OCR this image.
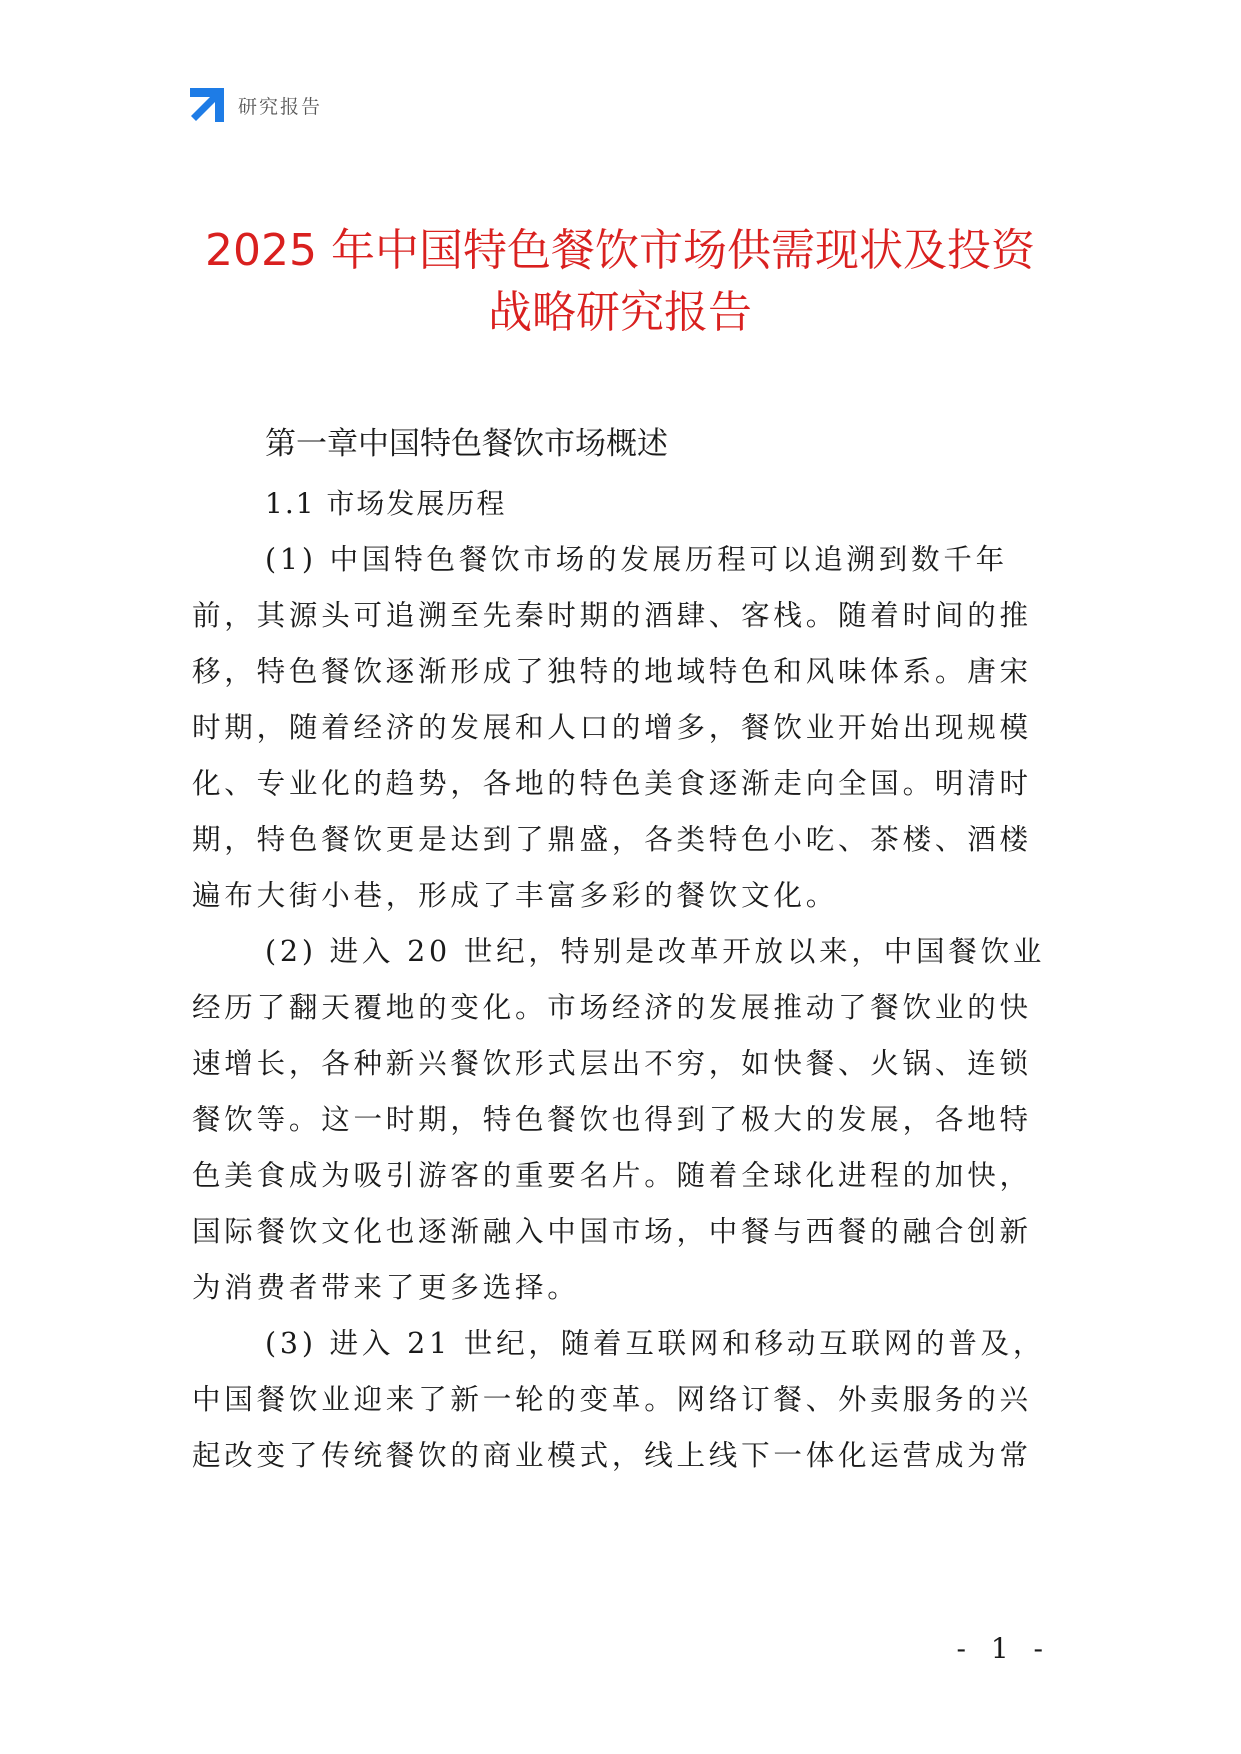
研究报告
2025 年中国特色餐饮市场供需现状及投资
战略研究报告
第一章中国特色餐饮市场概述
1.1 市场发展历程
(1) 中国特色餐饮市场的发展历程可以追溯到数千年
前，其源头可追溯至先秦时期的酒肆、客栈。随着时间的推
移，特色餐饮逐渐形成了独特的地域特色和风味体系。唐宋
时期，随着经济的发展和人口的增多，餐饮业开始出现规模
化、专业化的趋势，各地的特色美食逐渐走向全国。明清时
期，特色餐饮更是达到了鼎盛，各类特色小吃、茶楼、酒楼
遍布大街小巷，形成了丰富多彩的餐饮文化。
(2) 进入 20 世纪，特别是改革开放以来，中国餐饮业
经历了翻天覆地的变化。市场经济的发展推动了餐饮业的快
速增长，各种新兴餐饮形式层出不穷，如快餐、火锅、连锁
餐饮等。这一时期，特色餐饮也得到了极大的发展，各地特
色美食成为吸引游客的重要名片。随着全球化进程的加快，
国际餐饮文化也逐渐融入中国市场，中餐与西餐的融合创新
为消费者带来了更多选择。
(3) 进入 21 世纪，随着互联网和移动互联网的普及，
中国餐饮业迎来了新一轮的变革。网络订餐、外卖服务的兴
起改变了传统餐饮的商业模式，线上线下一体化运营成为常
- 1 -
